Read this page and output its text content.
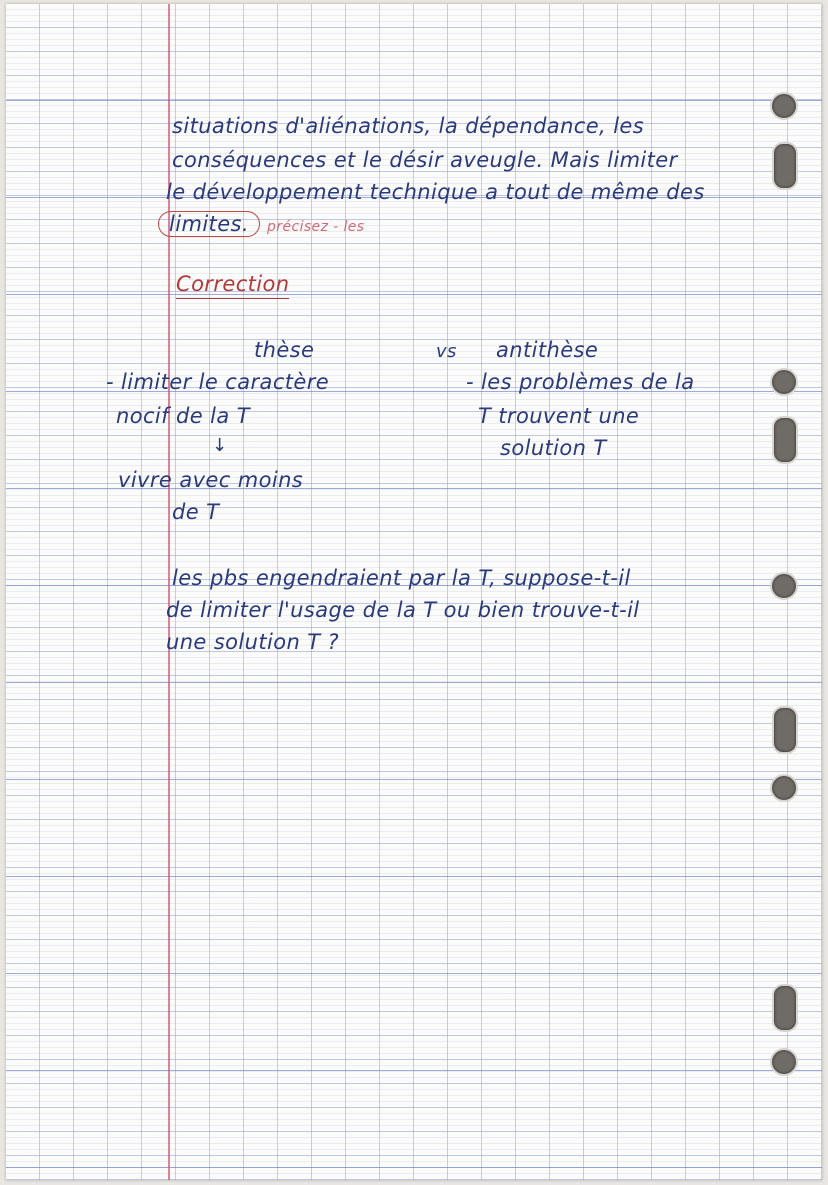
situations d'aliénations, la dépendance, les
conséquences et le désir aveugle. Mais limiter
le développement technique a tout de même des
limites. précisez - les
Correction
thèse	vs antithèse
- limiter le caractère
nocif de la T
↓
vivre avec moins
de T
- les problèmes de la
T trouvent une
solution T
les pbs engendraient par la T, suppose-t-il
de limiter l'usage de la T ou bien trouve-t-il
une solution T ?
